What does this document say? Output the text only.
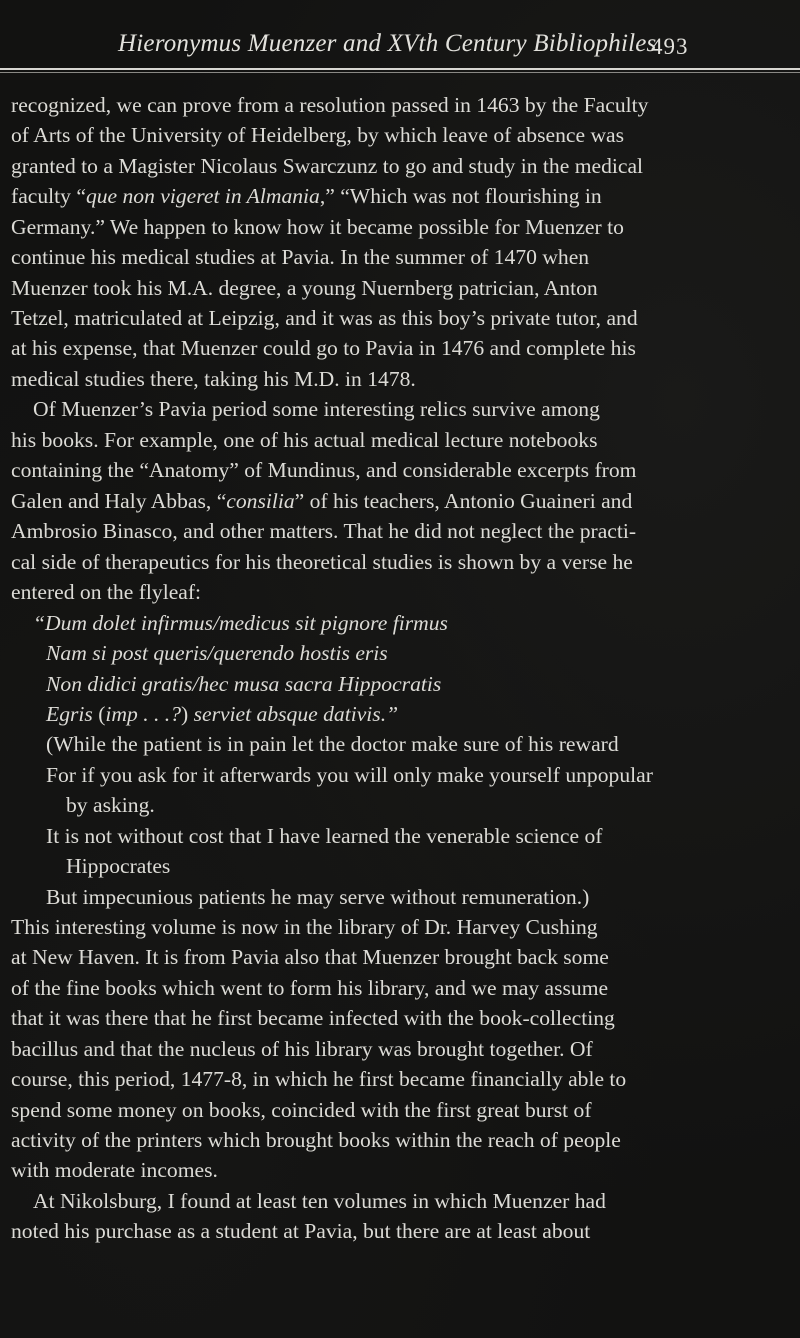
Hieronymus Muenzer and XVth Century Bibliophiles
493
recognized, we can prove from a resolution passed in 1463 by the Faculty
of Arts of the University of Heidelberg, by which leave of absence was
granted to a Magister Nicolaus Swarczunz to go and study in the medical
faculty “que non vigeret in Almania,” “Which was not flourishing in
Germany.” We happen to know how it became possible for Muenzer to
continue his medical studies at Pavia. In the summer of 1470 when
Muenzer took his M.A. degree, a young Nuernberg patrician, Anton
Tetzel, matriculated at Leipzig, and it was as this boy’s private tutor, and
at his expense, that Muenzer could go to Pavia in 1476 and complete his
medical studies there, taking his M.D. in 1478.
Of Muenzer’s Pavia period some interesting relics survive among
his books. For example, one of his actual medical lecture notebooks
containing the “Anatomy” of Mundinus, and considerable excerpts from
Galen and Haly Abbas, “consilia” of his teachers, Antonio Guaineri and
Ambrosio Binasco, and other matters. That he did not neglect the practi-
cal side of therapeutics for his theoretical studies is shown by a verse he
entered on the flyleaf:
“Dum dolet infirmus/medicus sit pignore firmus
Nam si post queris/querendo hostis eris
Non didici gratis/hec musa sacra Hippocratis
Egris (imp . . .?) serviet absque dativis.”
(While the patient is in pain let the doctor make sure of his reward
For if you ask for it afterwards you will only make yourself unpopular
by asking.
It is not without cost that I have learned the venerable science of
Hippocrates
But impecunious patients he may serve without remuneration.)
This interesting volume is now in the library of Dr. Harvey Cushing
at New Haven. It is from Pavia also that Muenzer brought back some
of the fine books which went to form his library, and we may assume
that it was there that he first became infected with the book-collecting
bacillus and that the nucleus of his library was brought together. Of
course, this period, 1477-8, in which he first became financially able to
spend some money on books, coincided with the first great burst of
activity of the printers which brought books within the reach of people
with moderate incomes.
At Nikolsburg, I found at least ten volumes in which Muenzer had
noted his purchase as a student at Pavia, but there are at least about
